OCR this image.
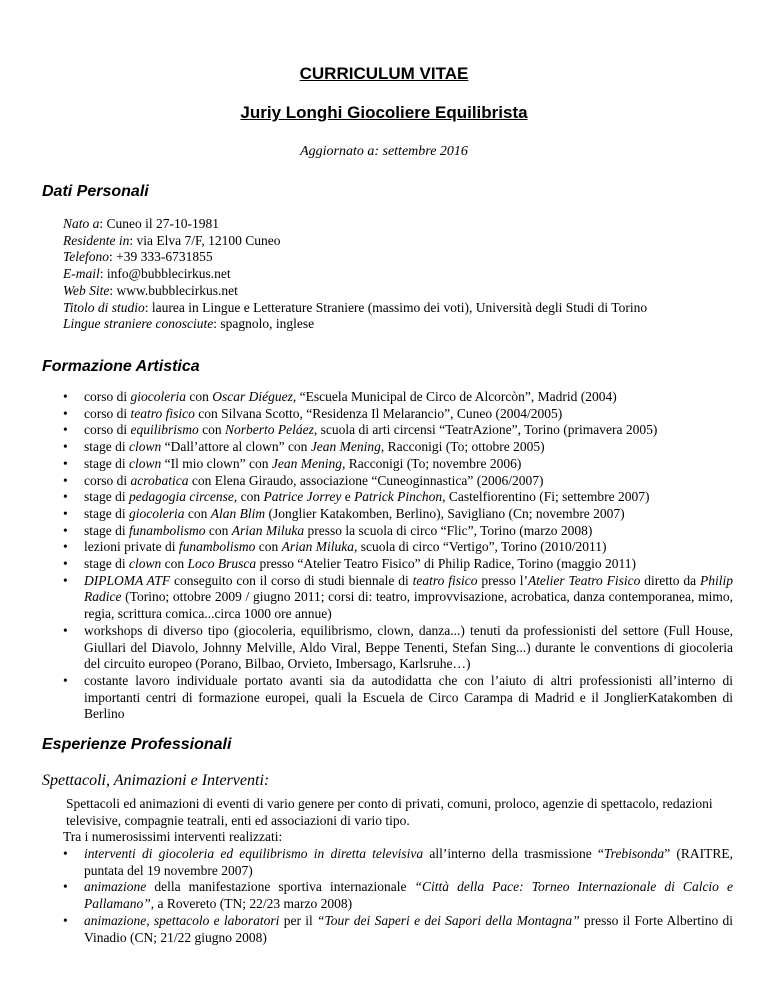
CURRICULUM VITAE
Juriy Longhi Giocoliere Equilibrista
Aggiornato a: settembre 2016
Dati Personali
Nato a: Cuneo il 27-10-1981
Residente in: via Elva 7/F, 12100 Cuneo
Telefono: +39 333-6731855
E-mail: info@bubblecirkus.net
Web Site: www.bubblecirkus.net
Titolo di studio: laurea in Lingue e Letterature Straniere (massimo dei voti), Università degli Studi di Torino
Lingue straniere conosciute: spagnolo, inglese
Formazione Artistica
• corso di giocoleria con Oscar Diéguez, “Escuela Municipal de Circo de Alcorcòn”, Madrid (2004)
• corso di teatro fisico con Silvana Scotto, “Residenza Il Melarancio”, Cuneo (2004/2005)
• corso di equilibrismo con Norberto Peláez, scuola di arti circensi “TeatrAzione”, Torino (primavera 2005)
• stage di clown “Dall’attore al clown” con Jean Mening, Racconigi (To; ottobre 2005)
• stage di clown “Il mio clown” con Jean Mening, Racconigi (To; novembre 2006)
• corso di acrobatica con Elena Giraudo, associazione “Cuneoginnastica” (2006/2007)
• stage di pedagogia circense, con Patrice Jorrey e Patrick Pinchon, Castelfiorentino (Fi; settembre 2007)
• stage di giocoleria con Alan Blim (Jonglier Katakomben, Berlino), Savigliano (Cn; novembre 2007)
• stage di funambolismo con Arian Miluka presso la scuola di circo “Flic”, Torino (marzo 2008)
• lezioni private di funambolismo con Arian Miluka, scuola di circo “Vertigo”, Torino (2010/2011)
• stage di clown con Loco Brusca presso “Atelier Teatro Fisico” di Philip Radice, Torino (maggio 2011)
• DIPLOMA ATF conseguito con il corso di studi biennale di teatro fisico presso l’Atelier Teatro Fisico diretto da Philip Radice (Torino; ottobre 2009 / giugno 2011; corsi di: teatro, improvvisazione, acrobatica, danza contemporanea, mimo, regia, scrittura comica...circa 1000 ore annue)
• workshops di diverso tipo (giocoleria, equilibrismo, clown, danza...) tenuti da professionisti del settore (Full House, Giullari del Diavolo, Johnny Melville, Aldo Viral, Beppe Tenenti, Stefan Sing...) durante le conventions di giocoleria del circuito europeo (Porano, Bilbao, Orvieto, Imbersago, Karlsruhe…)
• costante lavoro individuale portato avanti sia da autodidatta che con l’aiuto di altri professionisti all’interno di importanti centri di formazione europei, quali la Escuela de Circo Carampa di Madrid e il JonglierKatakomben di Berlino
Esperienze Professionali
Spettacoli, Animazioni e Interventi:
Spettacoli ed animazioni di eventi di vario genere per conto di privati, comuni, proloco, agenzie di spettacolo, redazioni televisive, compagnie teatrali, enti ed associazioni di vario tipo.
Tra i numerosissimi interventi realizzati:
• interventi di giocoleria ed equilibrismo in diretta televisiva all’interno della trasmissione “Trebisonda” (RAITRE, puntata del 19 novembre 2007)
• animazione della manifestazione sportiva internazionale “Città della Pace: Torneo Internazionale di Calcio e Pallamano”, a Rovereto (TN; 22/23 marzo 2008)
• animazione, spettacolo e laboratori per il “Tour dei Saperi e dei Sapori della Montagna” presso il Forte Albertino di Vinadio (CN; 21/22 giugno 2008)
